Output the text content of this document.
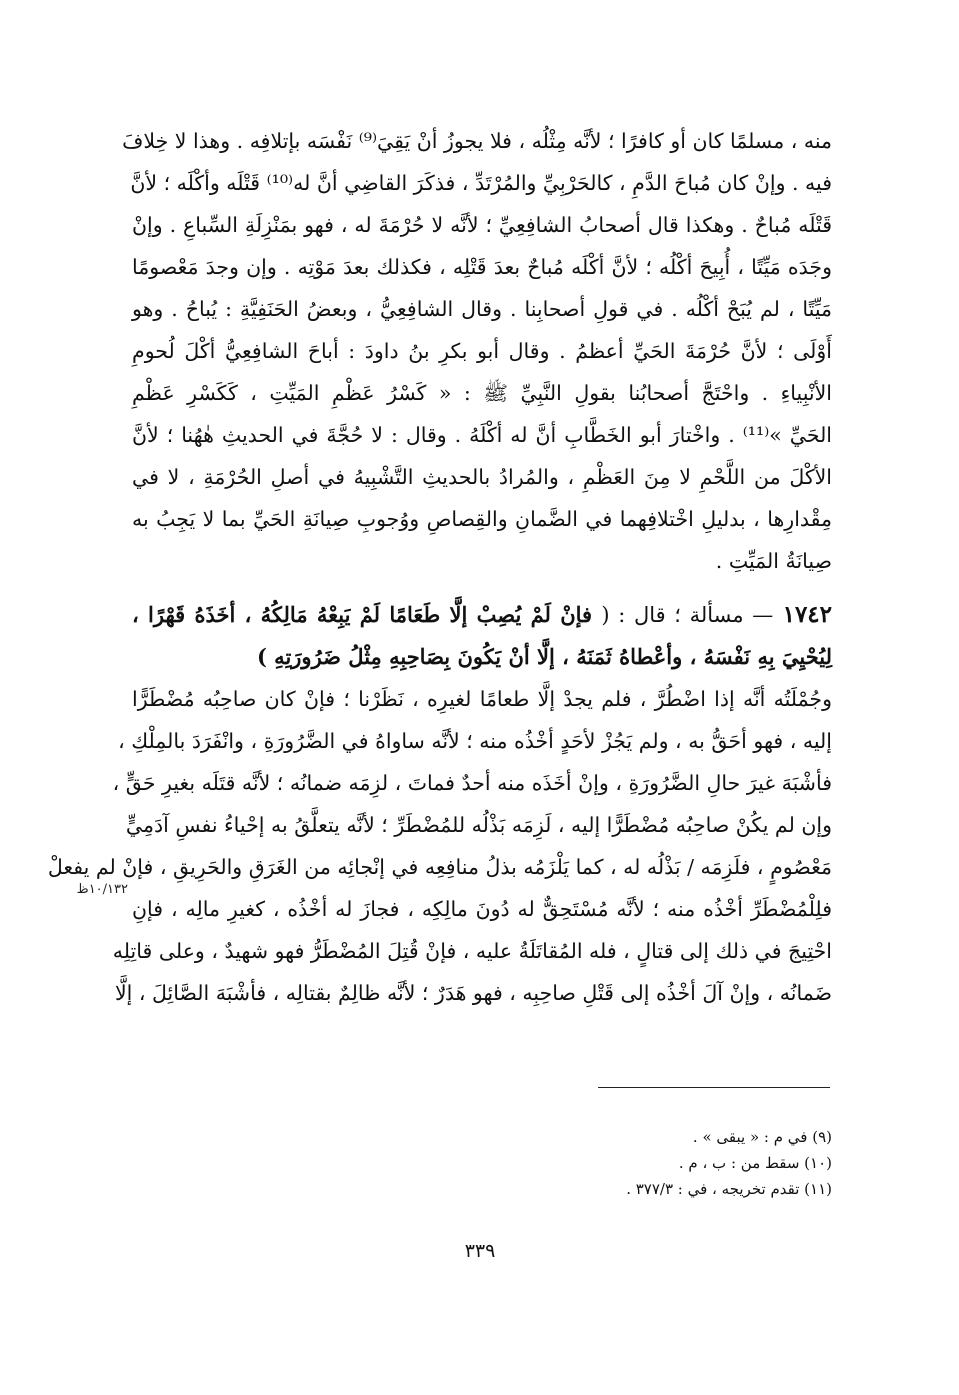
منه ، مسلمًا كان أو كافرًا ؛ لأنَّه مِثْلُه ، فلا يجوزُ أنْ يَقِيَ⁽⁹⁾ نَفْسَه بإتلافِه . وهذا لا خِلافَ
فيه . وإنْ كان مُباحَ الدَّمِ ، كالحَرْبِيِّ والمُرْتَدِّ ، فذكَرَ القاضِي أنَّ له⁽¹⁰⁾ قَتْلَه وأكْلَه ؛ لأنَّ
قَتْلَه مُباحٌ . وهكذا قال أصحابُ الشافِعِيِّ ؛ لأنَّه لا حُرْمَةَ له ، فهو بمَنْزِلَةِ السِّباعِ . وإنْ
وجَدَه مَيِّتًا ، أُبِيحَ أكْلُه ؛ لأنَّ أكْلَه مُباحٌ بعدَ قَتْلِه ، فكذلك بعدَ مَوْتِه . وإن وجدَ مَعْصومًا
مَيِّتًا ، لم يُبَحْ أكْلُه . في قولِ أصحابِنا . وقال الشافِعِيُّ ، وبعضُ الحَنَفِيَّةِ : يُباحُ . وهو
أَوْلَى ؛ لأنَّ حُرْمَةَ الحَيِّ أعظمُ . وقال أبو بكرِ بنُ داودَ : أباحَ الشافِعِيُّ أكْلَ لُحومِ
الأنْبِياءِ . واحْتَجَّ أصحابُنا بقولِ النَّبِيِّ ﷺ : « كَسْرُ عَظْمِ المَيِّتِ ، كَكَسْرِ عَظْمِ
الحَيِّ »⁽¹¹⁾ . واخْتارَ أبو الخَطَّابِ أنَّ له أكْلَهُ . وقال : لا حُجَّةَ في الحديثِ هٰهُنا ؛ لأنَّ
الأكْلَ من اللَّحْمِ لا مِنَ العَظْمِ ، والمُرادُ بالحديثِ التَّشْبِيهُ في أصلِ الحُرْمَةِ ، لا في
مِقْدارِها ، بدليلِ اخْتلافِهما في الضَّمانِ والقِصاصِ ووُجوبِ صِيانَةِ الحَيِّ بما لا يَجِبُ به
صِيانَةُ المَيِّتِ .
١٧٤٢ — مسألة ؛ قال : ( فإنْ لَمْ يُصِبْ إلَّا طَعَامًا لَمْ يَبِعْهُ مَالِكُهُ ، أخَذَهُ قَهْرًا ،
لِيُحْيِيَ بِهِ نَفْسَهُ ، وأعْطاهُ ثَمَنَهُ ، إلَّا أنْ يَكُونَ بِصَاحِبِهِ مِثْلُ ضَرُورَتِهِ )
وجُمْلَتُه أنَّه إذا اضْطُرَّ ، فلم يجدْ إلَّا طعامًا لغيرِه ، نَظَرْنا ؛ فإنْ كان صاحِبُه مُضْطَرًّا
إليه ، فهو أحَقُّ به ، ولم يَجُزْ لأحَدٍ أخْذُه منه ؛ لأنَّه ساواهُ في الضَّرُورَةِ ، وانْفَرَدَ بالمِلْكِ ،
فأشْبَهَ غيرَ حالِ الضَّرُورَةِ ، وإنْ أخَذَه منه أحدٌ فماتَ ، لزِمَه ضمانُه ؛ لأنَّه قتَلَه بغيرِ حَقٍّ ،
وإن لم يكُنْ صاحِبُه مُضْطَرًّا إليه ، لَزِمَه بَذْلُه للمُضْطَرِّ ؛ لأنَّه يتعلَّقُ به إحْياءُ نفسِ آدَمِيٍّ
مَعْصُومٍ ، فلَزِمَه / بَذْلُه له ، كما يَلْزَمُه بذلُ منافِعِه في إنْجائِه من الغَرَقِ والحَرِيقِ ، فإنْ لم يفعلْ
فلِلْمُضْطَرِّ أخْذُه منه ؛ لأنَّه مُسْتَحِقٌّ له دُونَ مالِكِه ، فجازَ له أخْذُه ، كغيرِ مالِه ، فإنِ
احْتِيجَ في ذلك إلى قتالٍ ، فله المُقاتَلَةُ عليه ، فإنْ قُتِلَ المُضْطَرُّ فهو شهيدٌ ، وعلى قاتِلِه
ضَمانُه ، وإنْ آلَ أخْذُه إلى قَتْلِ صاحِبِه ، فهو هَدَرٌ ؛ لأنَّه ظالِمٌ بقتالِه ، فأشْبَهَ الصَّائِلَ ، إلَّا
١٠/١٣٢ظ
(٩) في م : « يبقى » .
(١٠) سقط من : ب ، م .
(١١) تقدم تخريجه ، في : ٣٧٧/٣ .
٣٣٩
